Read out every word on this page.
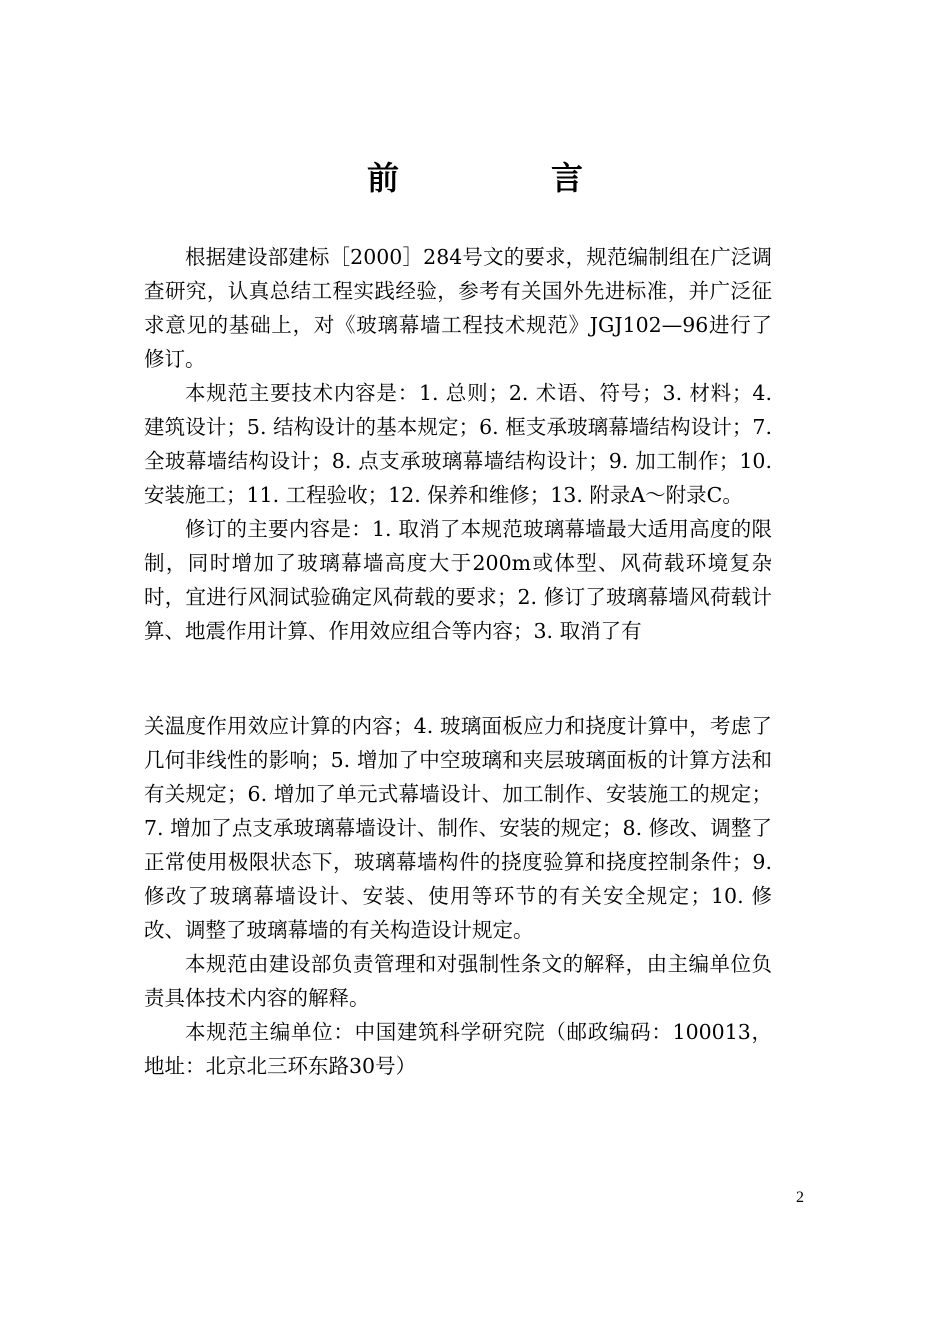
前　言

根据建设部建标［2000］284号文的要求，规范编制组在广泛调查研究，认真总结工程实践经验，参考有关国外先进标准，并广泛征求意见的基础上，对《玻璃幕墙工程技术规范》JGJ102—96进行了修订。

本规范主要技术内容是：1. 总则；2. 术语、符号；3. 材料；4. 建筑设计；5. 结构设计的基本规定；6. 框支承玻璃幕墙结构设计；7. 全玻幕墙结构设计；8. 点支承玻璃幕墙结构设计；9. 加工制作；10. 安装施工；11. 工程验收；12. 保养和维修；13. 附录A～附录C。

修订的主要内容是：1. 取消了本规范玻璃幕墙最大适用高度的限制，同时增加了玻璃幕墙高度大于200m或体型、风荷载环境复杂时，宜进行风洞试验确定风荷载的要求；2. 修订了玻璃幕墙风荷载计算、地震作用计算、作用效应组合等内容；3. 取消了有

关温度作用效应计算的内容；4. 玻璃面板应力和挠度计算中，考虑了几何非线性的影响；5. 增加了中空玻璃和夹层玻璃面板的计算方法和有关规定；6. 增加了单元式幕墙设计、加工制作、安装施工的规定；7. 增加了点支承玻璃幕墙设计、制作、安装的规定；8. 修改、调整了正常使用极限状态下，玻璃幕墙构件的挠度验算和挠度控制条件；9. 修改了玻璃幕墙设计、安装、使用等环节的有关安全规定；10. 修改、调整了玻璃幕墙的有关构造设计规定。

本规范由建设部负责管理和对强制性条文的解释，由主编单位负责具体技术内容的解释。

本规范主编单位：中国建筑科学研究院（邮政编码：100013，地址：北京北三环东路30号）

2
